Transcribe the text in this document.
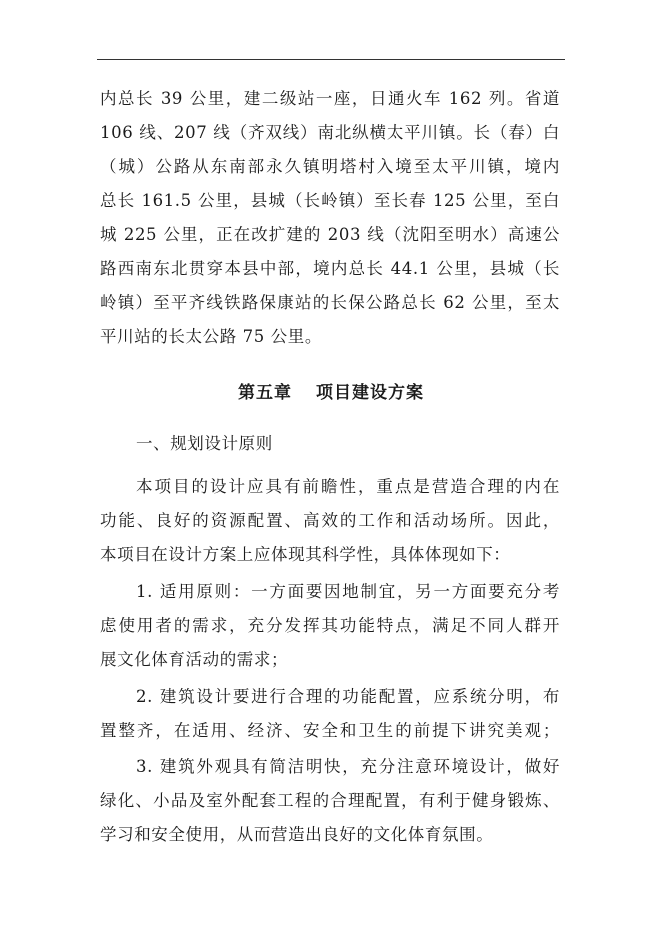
内总长 39 公里，建二级站一座，日通火车 162 列。省道
106 线、207 线（齐双线）南北纵横太平川镇。长（春）白
（城）公路从东南部永久镇明塔村入境至太平川镇，境内
总长 161.5 公里，县城（长岭镇）至长春 125 公里，至白
城 225 公里，正在改扩建的 203 线（沈阳至明水）高速公
路西南东北贯穿本县中部，境内总长 44.1 公里，县城（长
岭镇）至平齐线铁路保康站的长保公路总长 62 公里，至太
平川站的长太公路 75 公里。
第五章 项目建设方案
一、规划设计原则
本项目的设计应具有前瞻性，重点是营造合理的内在
功能、良好的资源配置、高效的工作和活动场所。因此，
本项目在设计方案上应体现其科学性，具体体现如下：
1. 适用原则：一方面要因地制宜，另一方面要充分考
虑使用者的需求，充分发挥其功能特点，满足不同人群开
展文化体育活动的需求；
2. 建筑设计要进行合理的功能配置，应系统分明，布
置整齐，在适用、经济、安全和卫生的前提下讲究美观；
3. 建筑外观具有简洁明快，充分注意环境设计，做好
绿化、小品及室外配套工程的合理配置，有利于健身锻炼、
学习和安全使用，从而营造出良好的文化体育氛围。
